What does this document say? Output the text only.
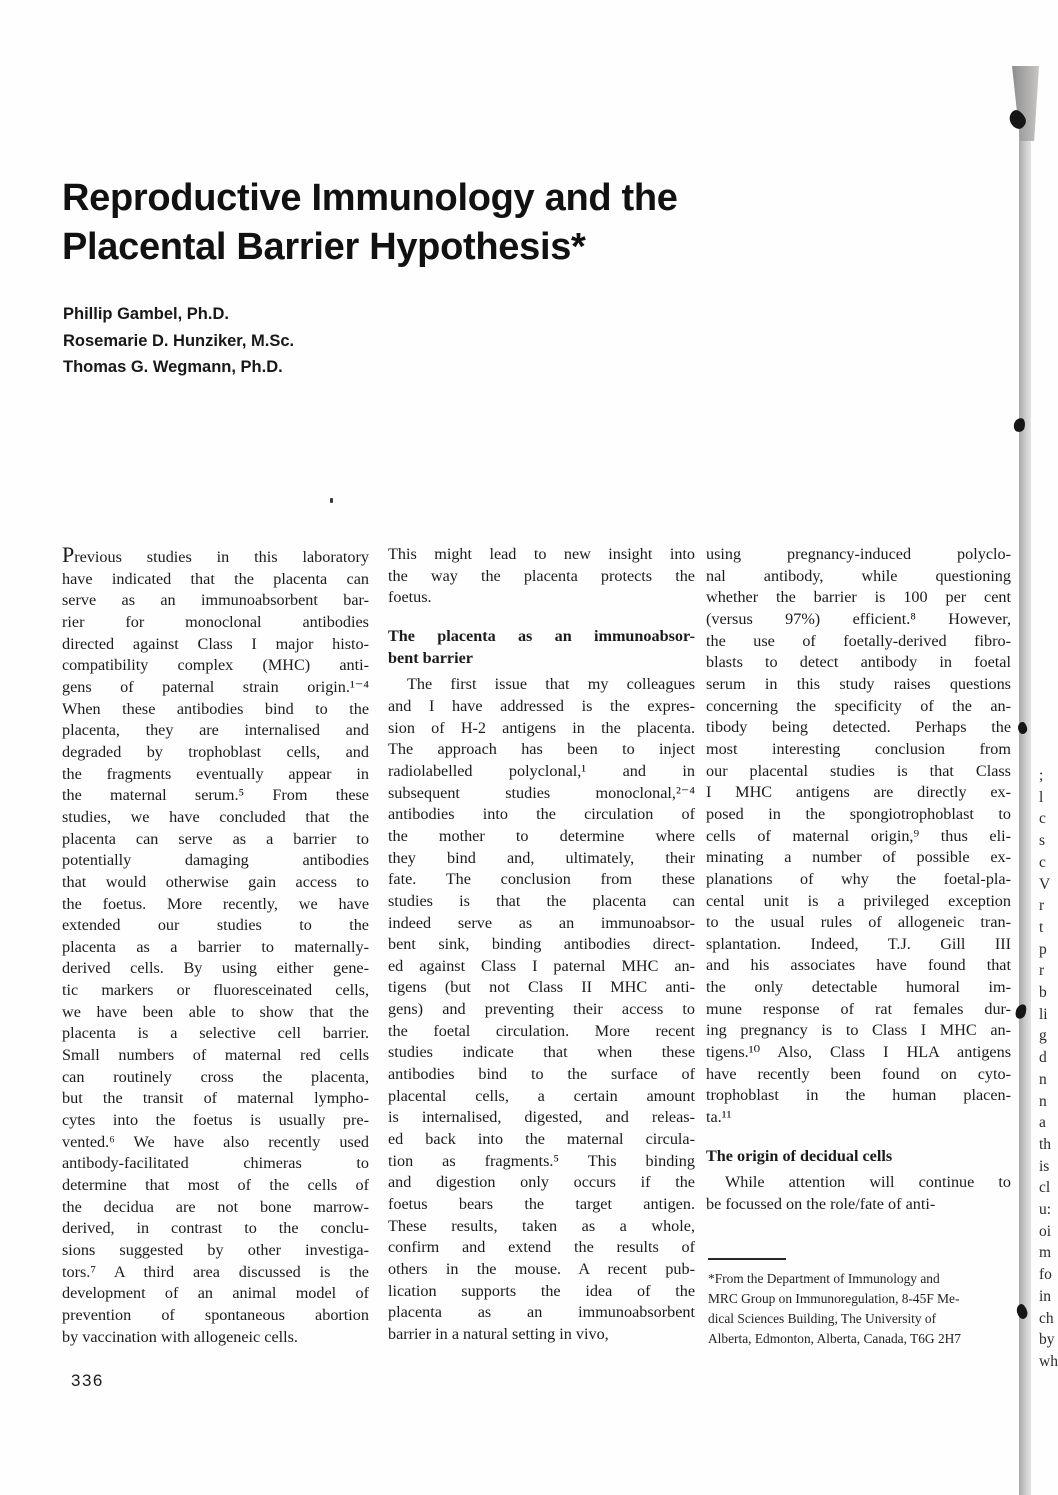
Reproductive Immunology and the
Placental Barrier Hypothesis*
Phillip Gambel, Ph.D.
Rosemarie D. Hunziker, M.Sc.
Thomas G. Wegmann, Ph.D.
Previous studies in this laboratory
have indicated that the placenta can
serve as an immunoabsorbent bar-
rier for monoclonal antibodies
directed against Class I major histo-
compatibility complex (MHC) anti-
gens of paternal strain origin.¹⁻⁴
When these antibodies bind to the
placenta, they are internalised and
degraded by trophoblast cells, and
the fragments eventually appear in
the maternal serum.⁵ From these
studies, we have concluded that the
placenta can serve as a barrier to
potentially damaging antibodies
that would otherwise gain access to
the foetus. More recently, we have
extended our studies to the
placenta as a barrier to maternally-
derived cells. By using either gene-
tic markers or fluoresceinated cells,
we have been able to show that the
placenta is a selective cell barrier.
Small numbers of maternal red cells
can routinely cross the placenta,
but the transit of maternal lympho-
cytes into the foetus is usually pre-
vented.⁶ We have also recently used
antibody-facilitated chimeras to
determine that most of the cells of
the decidua are not bone marrow-
derived, in contrast to the conclu-
sions suggested by other investiga-
tors.⁷ A third area discussed is the
development of an animal model of
prevention of spontaneous abortion
by vaccination with allogeneic cells.
This might lead to new insight into
the way the placenta protects the
foetus.
The placenta as an immunoabsor-
bent barrier
The first issue that my colleagues
and I have addressed is the expres-
sion of H-2 antigens in the placenta.
The approach has been to inject
radiolabelled polyclonal,¹ and in
subsequent studies monoclonal,²⁻⁴
antibodies into the circulation of
the mother to determine where
they bind and, ultimately, their
fate. The conclusion from these
studies is that the placenta can
indeed serve as an immunoabsor-
bent sink, binding antibodies direct-
ed against Class I paternal MHC an-
tigens (but not Class II MHC anti-
gens) and preventing their access to
the foetal circulation. More recent
studies indicate that when these
antibodies bind to the surface of
placental cells, a certain amount
is internalised, digested, and releas-
ed back into the maternal circula-
tion as fragments.⁵ This binding
and digestion only occurs if the
foetus bears the target antigen.
These results, taken as a whole,
confirm and extend the results of
others in the mouse. A recent pub-
lication supports the idea of the
placenta as an immunoabsorbent
barrier in a natural setting in vivo,
using pregnancy-induced polyclo-
nal antibody, while questioning
whether the barrier is 100 per cent
(versus 97%) efficient.⁸ However,
the use of foetally-derived fibro-
blasts to detect antibody in foetal
serum in this study raises questions
concerning the specificity of the an-
tibody being detected. Perhaps the
most interesting conclusion from
our placental studies is that Class
I MHC antigens are directly ex-
posed in the spongiotrophoblast to
cells of maternal origin,⁹ thus eli-
minating a number of possible ex-
planations of why the foetal-pla-
cental unit is a privileged exception
to the usual rules of allogeneic tran-
splantation. Indeed, T.J. Gill III
and his associates have found that
the only detectable humoral im-
mune response of rat females dur-
ing pregnancy is to Class I MHC an-
tigens.¹⁰ Also, Class I HLA antigens
have recently been found on cyto-
trophoblast in the human placen-
ta.¹¹
The origin of decidual cells
While attention will continue to
be focussed on the role/fate of anti-
*From the Department of Immunology and
MRC Group on Immunoregulation, 8-45F Me-
dical Sciences Building, The University of
Alberta, Edmonton, Alberta, Canada, T6G 2H7
336
;
l
c
s
c
V
r
t
p
r
b
li
g
d
n
n
a
th
is
cl
u:
oi
m
fo
in
ch
by
wh
